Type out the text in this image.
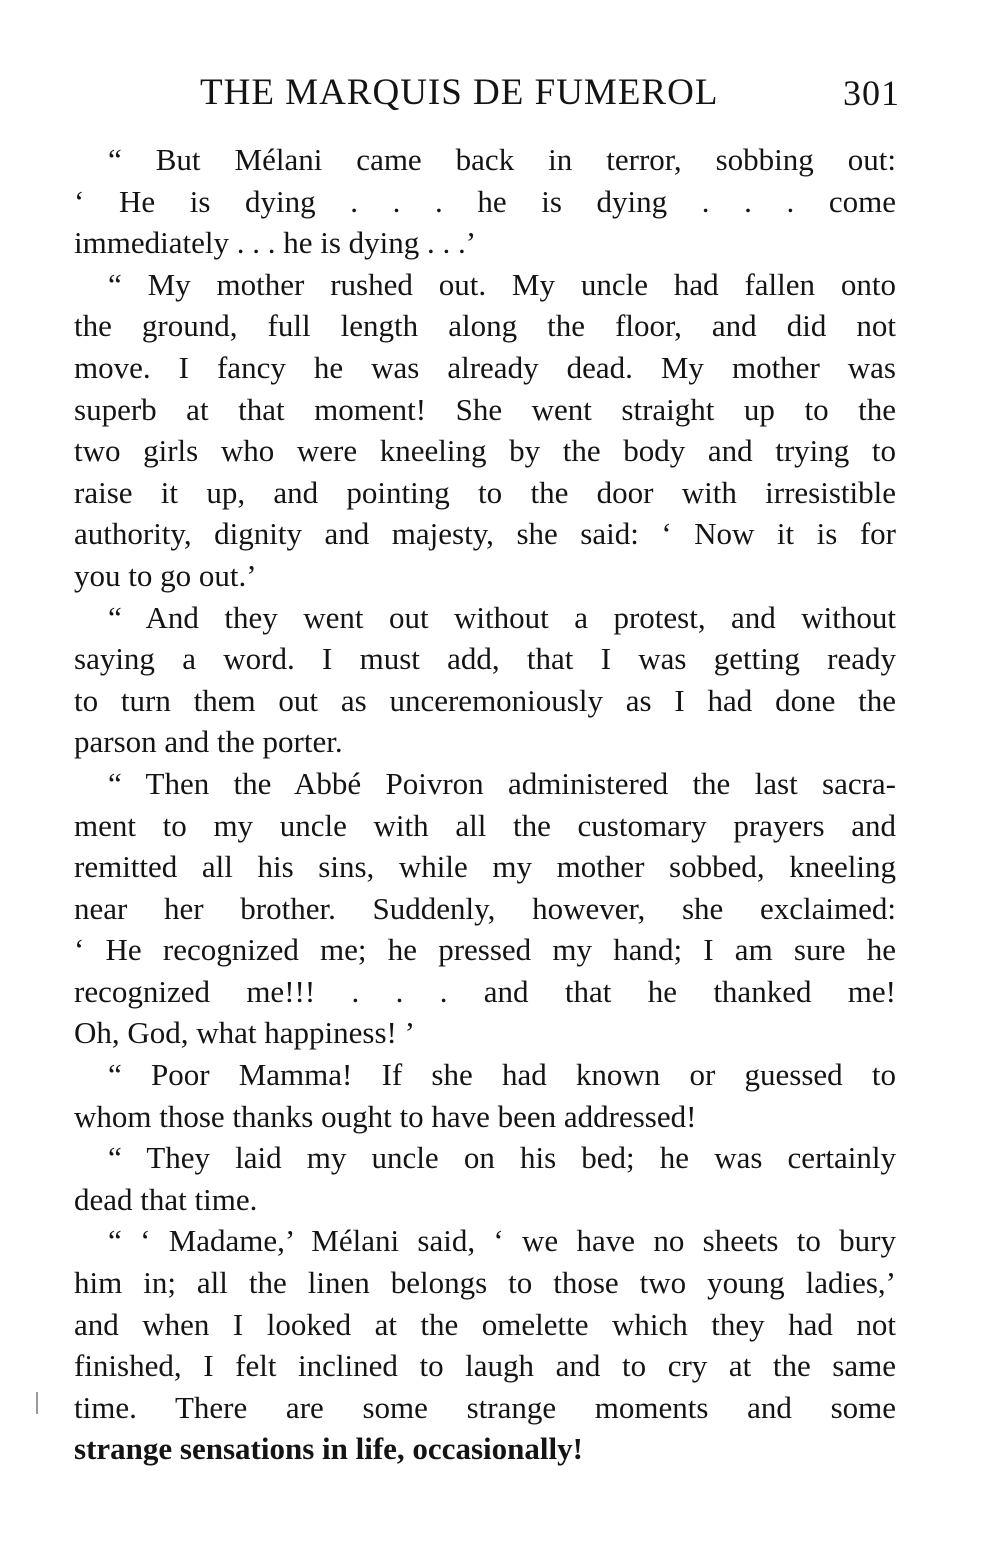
THE MARQUIS DE FUMEROL	301
“ But Mélani came back in terror, sobbing out:
‘ He is dying . . . he is dying . . . come
immediately . . . he is dying . . .’
“ My mother rushed out. My uncle had fallen onto
the ground, full length along the floor, and did not
move. I fancy he was already dead. My mother was
superb at that moment! She went straight up to the
two girls who were kneeling by the body and trying to
raise it up, and pointing to the door with irresistible
authority, dignity and majesty, she said: ‘ Now it is for
you to go out.’
“ And they went out without a protest, and without
saying a word. I must add, that I was getting ready
to turn them out as unceremoniously as I had done the
parson and the porter.
“ Then the Abbé Poivron administered the last sacra-
ment to my uncle with all the customary prayers and
remitted all his sins, while my mother sobbed, kneeling
near her brother. Suddenly, however, she exclaimed:
‘ He recognized me; he pressed my hand; I am sure he
recognized me!!! . . . and that he thanked me!
Oh, God, what happiness! ’
“ Poor Mamma! If she had known or guessed to
whom those thanks ought to have been addressed!
“ They laid my uncle on his bed; he was certainly
dead that time.
“ ‘ Madame,’ Mélani said, ‘ we have no sheets to bury
him in; all the linen belongs to those two young ladies,’
and when I looked at the omelette which they had not
finished, I felt inclined to laugh and to cry at the same
time. There are some strange moments and some
strange sensations in life, occasionally!
